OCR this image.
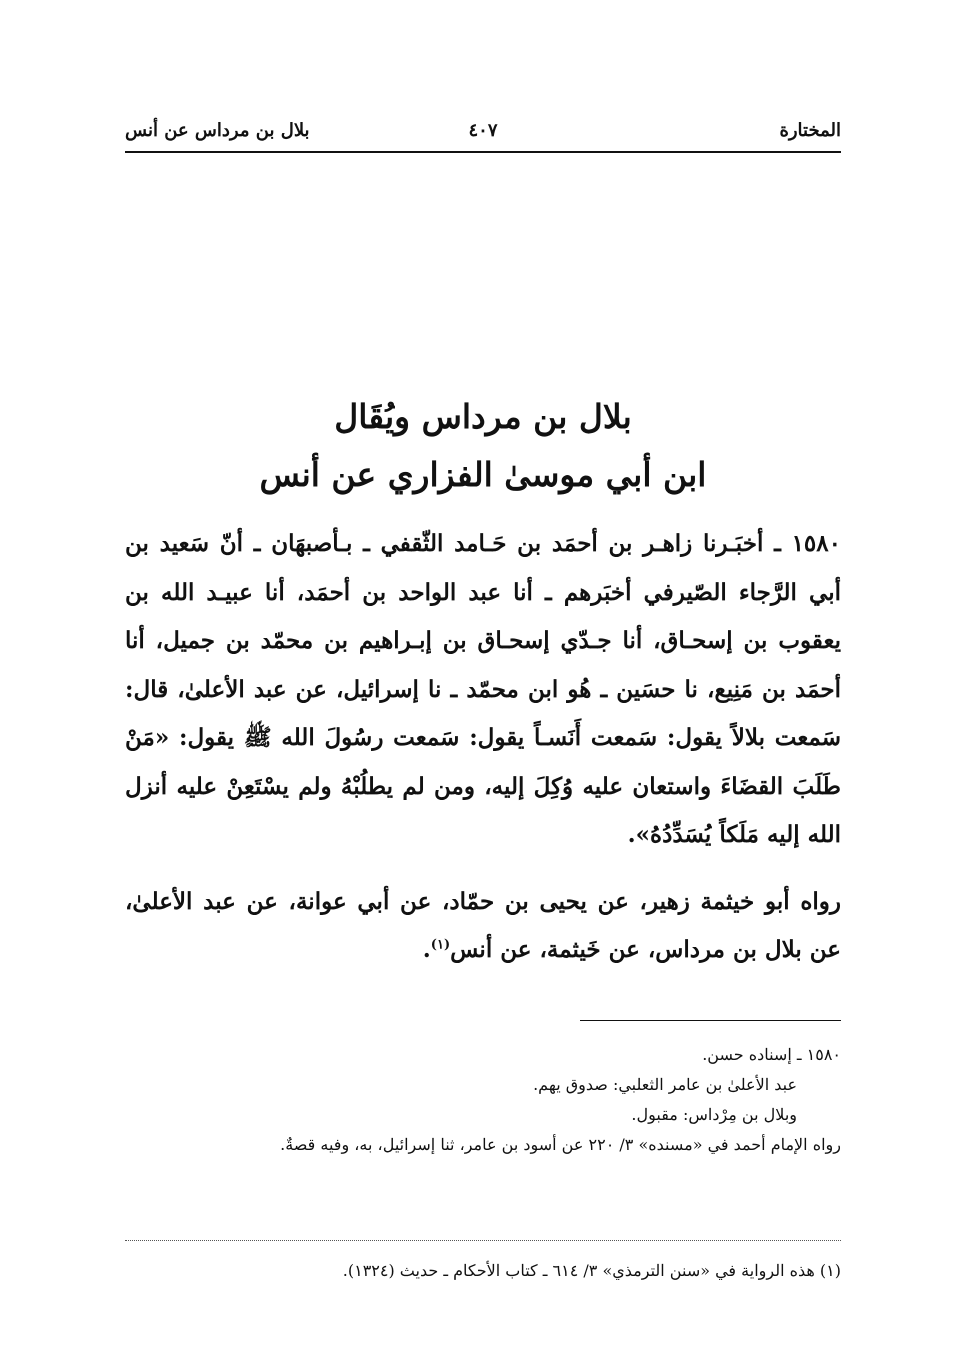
المختارة
٤٠٧
بلال بن مرداس عن أنس
بلال بن مرداس ويُقَال
ابن أبي موسىٰ الفزاري عن أنس

١٥٨٠ ـ أخبَـرنا زاهـر بن أحمَد بن حَـامد الثّقفي ـ بـأصبهَان ـ أنّ سَعيد بن أبي الرَّجاء الصّيرفي أخبَرهم ـ أنا عبد الواحد بن أحمَد، أنا عبيـد الله بن يعقوب بن إسحـاق، أنا جـدّي إسحـاق بن إبـراهيم بن محمّد بن جميل، أنا أحمَد بن مَنِيع، نا حسَين ـ هُو ابن محمّد ـ نا إسرائيل، عن عبد الأعلىٰ، قال: سَمعت بلالاً يقول: سَمعت أَنَسـاً يقول: سَمعت رسُولَ الله ﷺ يقول: «مَنْ طَلَبَ القضَاءَ واستعان عليه وُكِلَ إليه، ومن لم يطلُبْهُ ولم يسْتَعِنْ عليه أنزل الله إليه مَلَكاً يُسَدِّدُهُ».

رواه أبو خيثمة زهير، عن يحيى بن حمّاد، عن أبي عوانة، عن عبد الأعلىٰ، عن بلال بن مرداس، عن خَيثمة، عن أنس$^{(١)}$.

١٥٨٠ ـ إسناده حسن.

عبد الأعلىٰ بن عامر الثعلبي: صدوق يهم.

وبلال بن مِرْداس: مقبول.

رواه الإمام أحمد في «مسنده» ٣/ ٢٢٠ عن أسود بن عامر، ثنا إسرائيل، به، وفيه قصةٌ.

(١) هذه الرواية في «سنن الترمذي» ٣/ ٦١٤ ـ كتاب الأحكام ـ حديث (١٣٢٤).
